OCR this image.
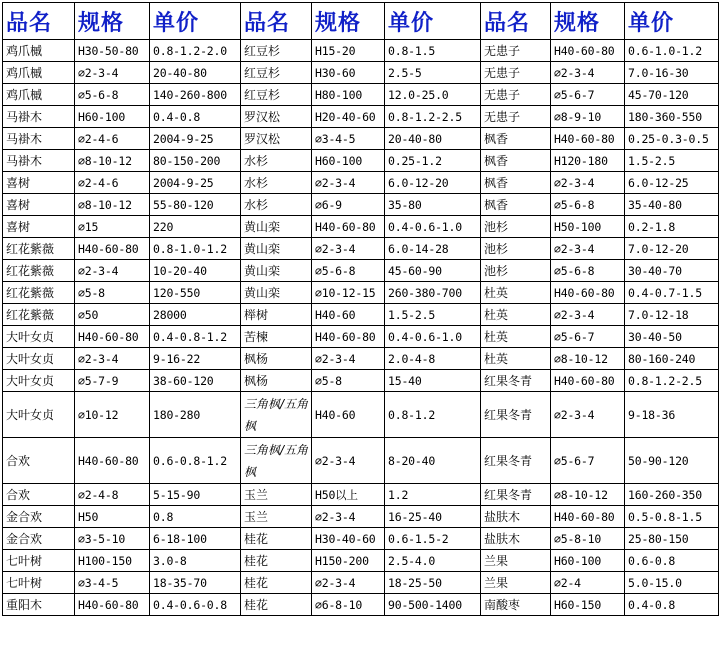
品名	规格	单价	品名	规格	单价	品名	规格	单价
鸡爪槭	H30-50-80	0.8-1.2-2.0	红豆杉	H15-20	0.8-1.5	无患子	H40-60-80	0.6-1.0-1.2
鸡爪槭	⌀2-3-4	20-40-80	红豆杉	H30-60	2.5-5	无患子	⌀2-3-4	7.0-16-30
鸡爪槭	⌀5-6-8	140-260-800	红豆杉	H80-100	12.0-25.0	无患子	⌀5-6-7	45-70-120
马褂木	H60-100	0.4-0.8	罗汉松	H20-40-60	0.8-1.2-2.5	无患子	⌀8-9-10	180-360-550
马褂木	⌀2-4-6	2004-9-25	罗汉松	⌀3-4-5	20-40-80	枫香	H40-60-80	0.25-0.3-0.5
马褂木	⌀8-10-12	80-150-200	水杉	H60-100	0.25-1.2	枫香	H120-180	1.5-2.5
喜树	⌀2-4-6	2004-9-25	水杉	⌀2-3-4	6.0-12-20	枫香	⌀2-3-4	6.0-12-25
喜树	⌀8-10-12	55-80-120	水杉	⌀6-9	35-80	枫香	⌀5-6-8	35-40-80
喜树	⌀15	220	黄山栾	H40-60-80	0.4-0.6-1.0	池杉	H50-100	0.2-1.8
红花紫薇	H40-60-80	0.8-1.0-1.2	黄山栾	⌀2-3-4	6.0-14-28	池杉	⌀2-3-4	7.0-12-20
红花紫薇	⌀2-3-4	10-20-40	黄山栾	⌀5-6-8	45-60-90	池杉	⌀5-6-8	30-40-70
红花紫薇	⌀5-8	120-550	黄山栾	⌀10-12-15	260-380-700	杜英	H40-60-80	0.4-0.7-1.5
红花紫薇	⌀50	28000	榉树	H40-60	1.5-2.5	杜英	⌀2-3-4	7.0-12-18
大叶女贞	H40-60-80	0.4-0.8-1.2	苦楝	H40-60-80	0.4-0.6-1.0	杜英	⌀5-6-7	30-40-50
大叶女贞	⌀2-3-4	9-16-22	枫杨	⌀2-3-4	2.0-4-8	杜英	⌀8-10-12	80-160-240
大叶女贞	⌀5-7-9	38-60-120	枫杨	⌀5-8	15-40	红果冬青	H40-60-80	0.8-1.2-2.5
大叶女贞	⌀10-12	180-280	三角枫/五角枫	H40-60	0.8-1.2	红果冬青	⌀2-3-4	9-18-36
合欢	H40-60-80	0.6-0.8-1.2	三角枫/五角枫	⌀2-3-4	8-20-40	红果冬青	⌀5-6-7	50-90-120
合欢	⌀2-4-8	5-15-90	玉兰	H50以上	1.2	红果冬青	⌀8-10-12	160-260-350
金合欢	H50	0.8	玉兰	⌀2-3-4	16-25-40	盐肤木	H40-60-80	0.5-0.8-1.5
金合欢	⌀3-5-10	6-18-100	桂花	H30-40-60	0.6-1.5-2	盐肤木	⌀5-8-10	25-80-150
七叶树	H100-150	3.0-8	桂花	H150-200	2.5-4.0	兰果	H60-100	0.6-0.8
七叶树	⌀3-4-5	18-35-70	桂花	⌀2-3-4	18-25-50	兰果	⌀2-4	5.0-15.0
重阳木	H40-60-80	0.4-0.6-0.8	桂花	⌀6-8-10	90-500-1400	南酸枣	H60-150	0.4-0.8
